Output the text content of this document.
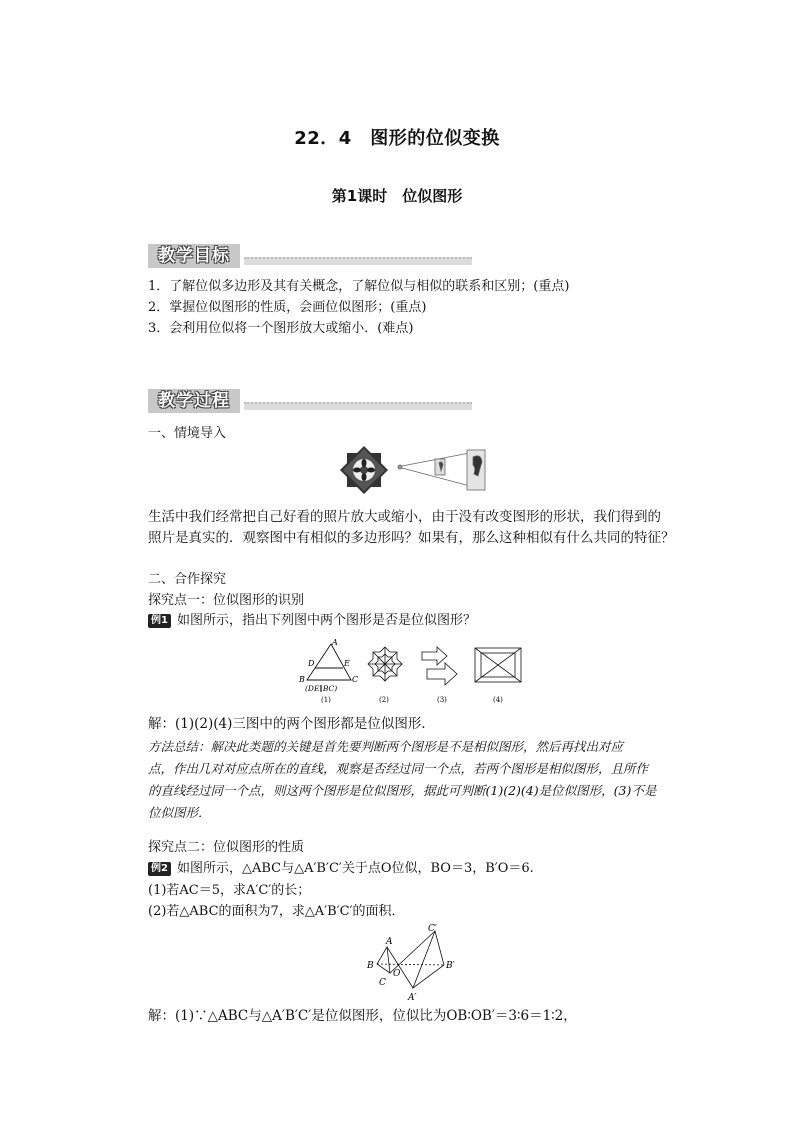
22．4　图形的位似变换
第1课时　位似图形
教学目标
1．了解位似多边形及其有关概念，了解位似与相似的联系和区别；(重点)
2．掌握位似图形的性质，会画位似图形；(重点)
3．会利用位似将一个图形放大或缩小．(难点)
教学过程
一、情境导入
生活中我们经常把自己好看的照片放大或缩小，由于没有改变图形的形状，我们得到的
照片是真实的．观察图中有相似的多边形吗？如果有，那么这种相似有什么共同的特征？
二、合作探究
探究点一：位似图形的识别
例1 如图所示，指出下列图中两个图形是否是位似图形？
A
D	E
B	C
(DE∥BC)
(1)	(2)	(3)	(4)
解：(1)(2)(4)三图中的两个图形都是位似图形．
方法总结：解决此类题的关键是首先要判断两个图形是不是相似图形，然后再找出对应
点，作出几对对应点所在的直线，观察是否经过同一个点，若两个图形是相似图形，且所作
的直线经过同一个点，则这两个图形是位似图形，据此可判断(1)(2)(4)是位似图形，(3)不是
位似图形．
探究点二：位似图形的性质
例2 如图所示，△ABC与△A′B′C′关于点O位似，BO＝3，B′O＝6.
(1)若AC＝5，求A′C′的长；
(2)若△ABC的面积为7，求△A′B′C′的面积．
A
B
C
O
C′
B′
A′
解：(1)∵△ABC与△A′B′C′是位似图形，位似比为OB∶OB′＝3∶6＝1∶2，
